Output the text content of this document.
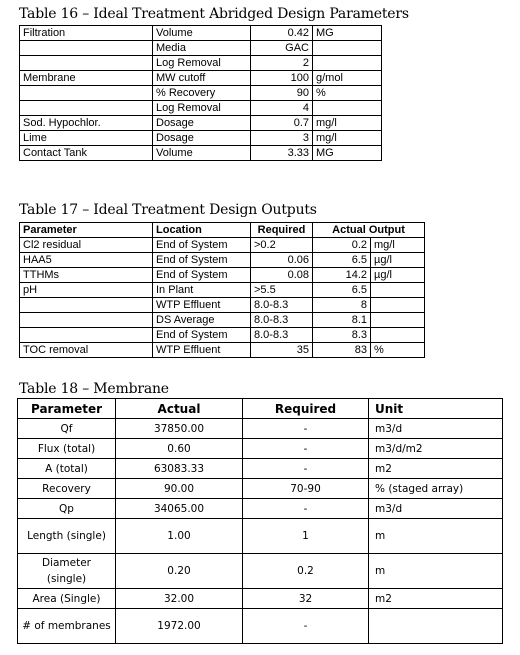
Table 16 – Ideal Treatment Abridged Design Parameters
Filtration	Volume	0.42	MG
	Media	GAC	
	Log Removal	2	
Membrane	MW cutoff	100	g/mol
	% Recovery	90	%
	Log Removal	4	
Sod. Hypochlor.	Dosage	0.7	mg/l
Lime	Dosage	3	mg/l
Contact Tank	Volume	3.33	MG
Table 17 – Ideal Treatment Design Outputs
Parameter	Location	Required	Actual Output	
Cl2 residual	End of System	>0.2	0.2	mg/l
HAA5	End of System	0.06	6.5	µg/l
TTHMs	End of System	0.08	14.2	µg/l
pH	In Plant	>5.5	6.5	
	WTP Effluent	8.0-8.3	8	
	DS Average	8.0-8.3	8.1	
	End of System	8.0-8.3	8.3	
TOC removal	WTP Effluent	35	83	%
Table 18 – Membrane
Parameter	Actual	Required	Unit
Qf	37850.00	-	m3/d
Flux (total)	0.60	-	m3/d/m2
A (total)	63083.33	-	m2
Recovery	90.00	70-90	% (staged array)
Qp	34065.00	-	m3/d
Length (single)	1.00	1	m
Diameter (single)	0.20	0.2	m
Area (Single)	32.00	32	m2
# of membranes	1972.00	-	
